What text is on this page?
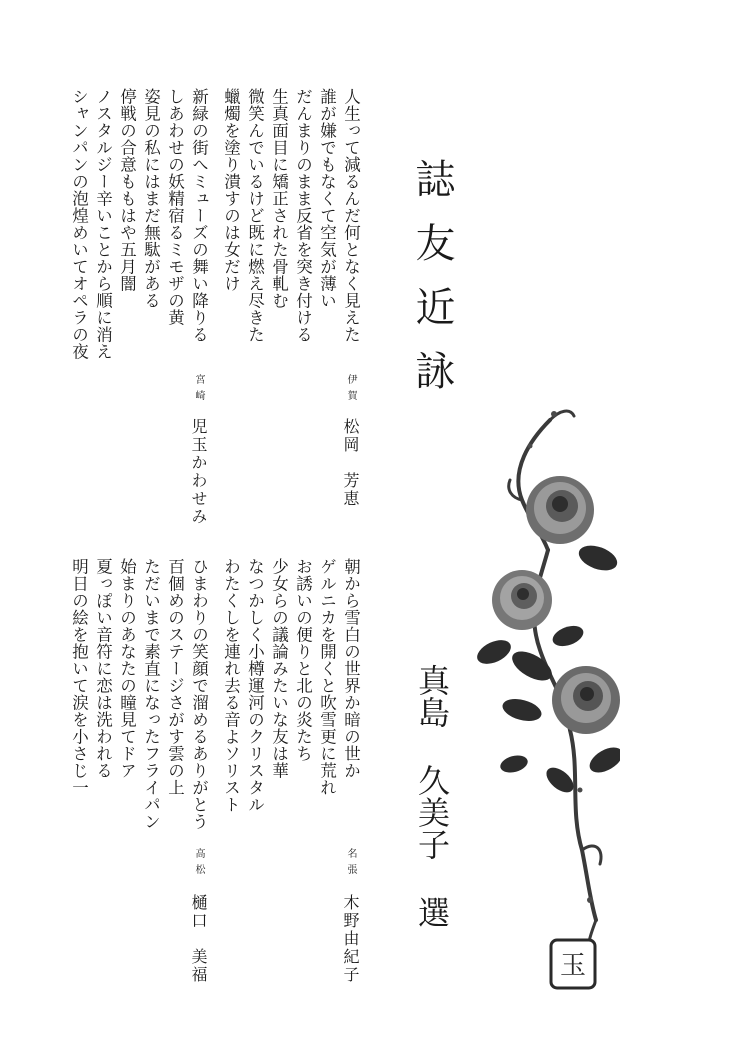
誌友近詠
人生って減るんだ何となく見えた
誰が嫌でもなくて空気が薄い
だんまりのまま反省を突き付ける
生真面目に矯正された骨軋む
微笑んでいるけど既に燃え尽きた
蠟燭を塗り潰すのは女だけ
伊賀
松岡　芳恵
新緑の街へミューズの舞い降りる
しあわせの妖精宿るミモザの黄
姿見の私にはまだ無駄がある
停戦の合意ももはや五月闇
ノスタルジー辛いことから順に消え
シャンパンの泡煌めいてオペラの夜
宮崎
児玉かわせみ
朝から雪白の世界か暗の世か
ゲルニカを開くと吹雪更に荒れ
お誘いの便りと北の炎たち
少女らの議論みたいな友は華
なつかしく小樽運河のクリスタル
わたくしを連れ去る音よソリスト
名張
木野由紀子
ひまわりの笑顔で溜めるありがとう
百個めのステージさがす雲の上
ただいまで素直になったフライパン
始まりのあなたの瞳見てドア
夏っぽい音符に恋は洗われる
明日の絵を抱いて涙を小さじ一
高松
樋口　美福
真島久美子選
玉
